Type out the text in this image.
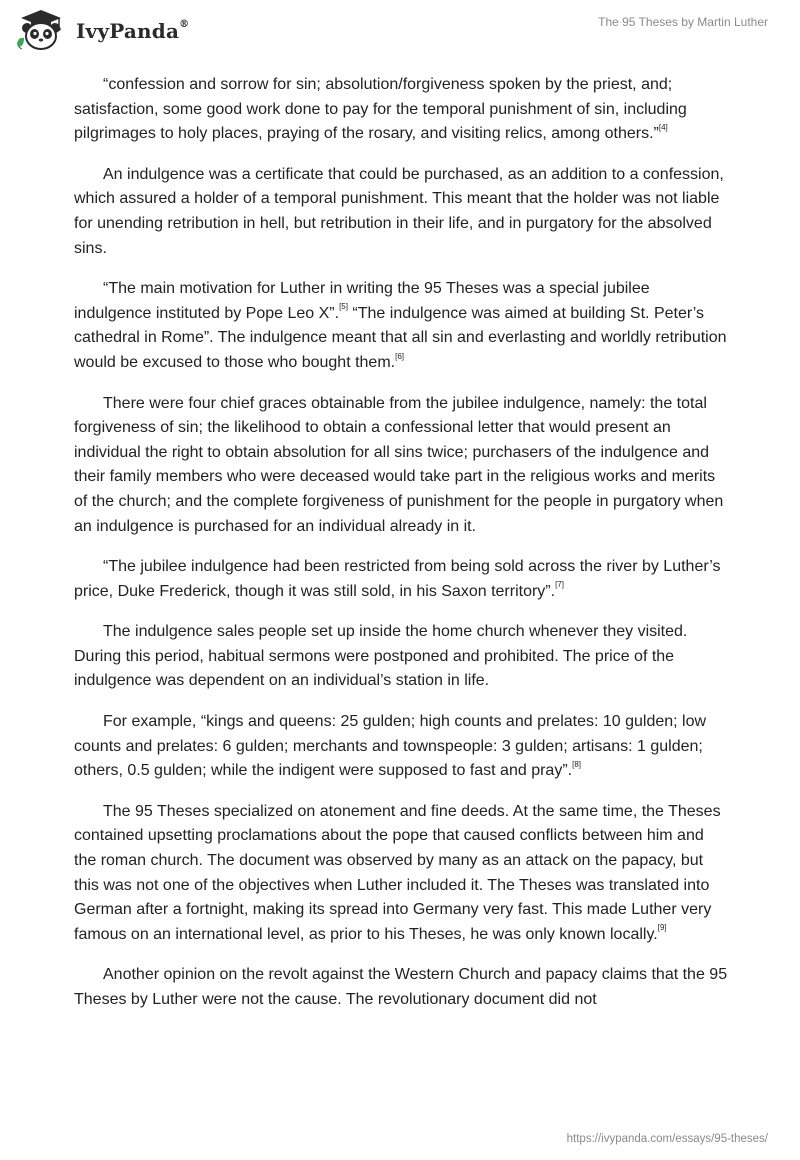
IvyPanda®	The 95 Theses by Martin Luther

“confession and sorrow for sin; absolution/forgiveness spoken by the priest, and; satisfaction, some good work done to pay for the temporal punishment of sin, including pilgrimages to holy places, praying of the rosary, and visiting relics, among others.”[4]

An indulgence was a certificate that could be purchased, as an addition to a confession, which assured a holder of a temporal punishment. This meant that the holder was not liable for unending retribution in hell, but retribution in their life, and in purgatory for the absolved sins.

“The main motivation for Luther in writing the 95 Theses was a special jubilee indulgence instituted by Pope Leo X”.[5] “The indulgence was aimed at building St. Peter’s cathedral in Rome”. The indulgence meant that all sin and everlasting and worldly retribution would be excused to those who bought them.[6]

There were four chief graces obtainable from the jubilee indulgence, namely: the total forgiveness of sin; the likelihood to obtain a confessional letter that would present an individual the right to obtain absolution for all sins twice; purchasers of the indulgence and their family members who were deceased would take part in the religious works and merits of the church; and the complete forgiveness of punishment for the people in purgatory when an indulgence is purchased for an individual already in it.

“The jubilee indulgence had been restricted from being sold across the river by Luther’s price, Duke Frederick, though it was still sold, in his Saxon territory”.[7]

The indulgence sales people set up inside the home church whenever they visited. During this period, habitual sermons were postponed and prohibited. The price of the indulgence was dependent on an individual’s station in life.

For example, “kings and queens: 25 gulden; high counts and prelates: 10 gulden; low counts and prelates: 6 gulden; merchants and townspeople: 3 gulden; artisans: 1 gulden; others, 0.5 gulden; while the indigent were supposed to fast and pray”.[8]

The 95 Theses specialized on atonement and fine deeds. At the same time, the Theses contained upsetting proclamations about the pope that caused conflicts between him and the roman church. The document was observed by many as an attack on the papacy, but this was not one of the objectives when Luther included it. The Theses was translated into German after a fortnight, making its spread into Germany very fast. This made Luther very famous on an international level, as prior to his Theses, he was only known locally.[9]

Another opinion on the revolt against the Western Church and papacy claims that the 95 Theses by Luther were not the cause. The revolutionary document did not

https://ivypanda.com/essays/95-theses/
